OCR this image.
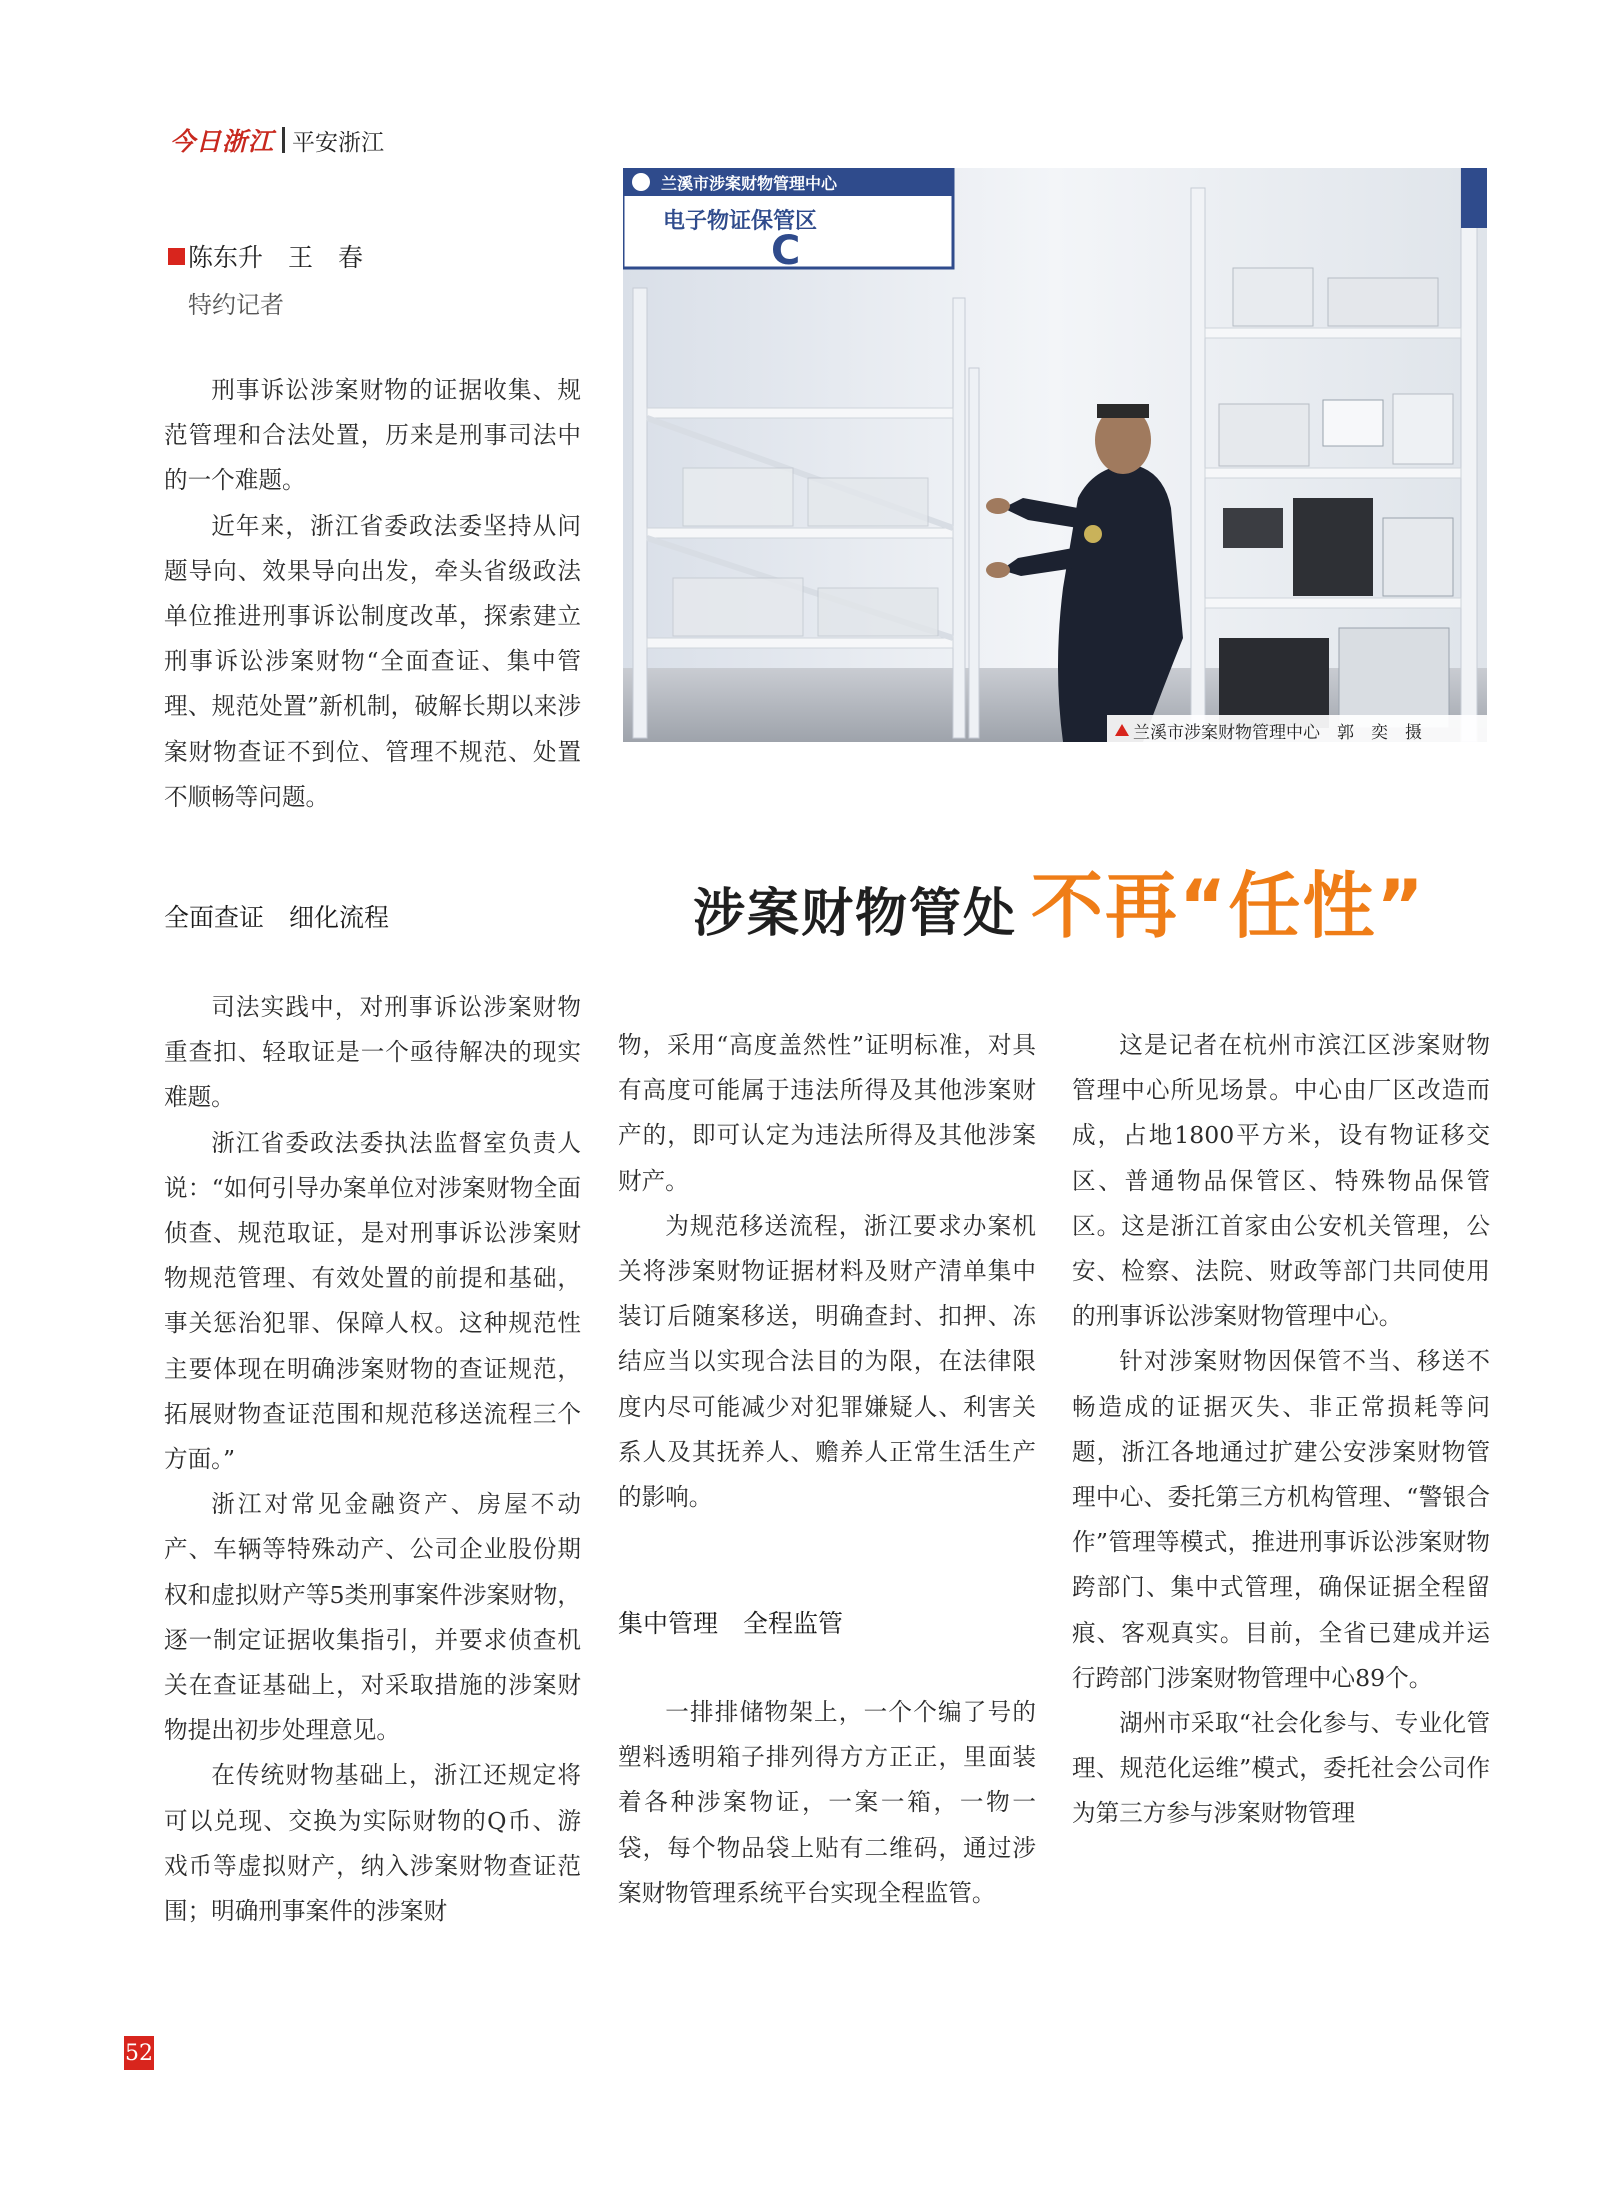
今日浙江 平安浙江
陈东升　王　春
特约记者

刑事诉讼涉案财物的证据收集、规范管理和合法处置，历来是刑事司法中的一个难题。

近年来，浙江省委政法委坚持从问题导向、效果导向出发，牵头省级政法单位推进刑事诉讼制度改革，探索建立刑事诉讼涉案财物“全面查证、集中管理、规范处置”新机制，破解长期以来涉案财物查证不到位、管理不规范、处置不顺畅等问题。

兰溪市涉案财物管理中心
电子物证保管区
C
兰溪市涉案财物管理中心　郭　奕　摄
涉案财物管处 不再“任性”
全面查证　细化流程

司法实践中，对刑事诉讼涉案财物重查扣、轻取证是一个亟待解决的现实难题。

浙江省委政法委执法监督室负责人说：“如何引导办案单位对涉案财物全面侦查、规范取证，是对刑事诉讼涉案财物规范管理、有效处置的前提和基础，事关惩治犯罪、保障人权。这种规范性主要体现在明确涉案财物的查证规范，拓展财物查证范围和规范移送流程三个方面。”

浙江对常见金融资产、房屋不动产、车辆等特殊动产、公司企业股份期权和虚拟财产等5类刑事案件涉案财物，逐一制定证据收集指引，并要求侦查机关在查证基础上，对采取措施的涉案财物提出初步处理意见。

在传统财物基础上，浙江还规定将可以兑现、交换为实际财物的Q币、游戏币等虚拟财产，纳入涉案财物查证范围；明确刑事案件的涉案财

物，采用“高度盖然性”证明标准，对具有高度可能属于违法所得及其他涉案财产的，即可认定为违法所得及其他涉案财产。

为规范移送流程，浙江要求办案机关将涉案财物证据材料及财产清单集中装订后随案移送，明确查封、扣押、冻结应当以实现合法目的为限，在法律限度内尽可能减少对犯罪嫌疑人、利害关系人及其抚养人、赡养人正常生活生产的影响。

集中管理　全程监管

一排排储物架上，一个个编了号的塑料透明箱子排列得方方正正，里面装着各种涉案物证，一案一箱，一物一袋，每个物品袋上贴有二维码，通过涉案财物管理系统平台实现全程监管。

这是记者在杭州市滨江区涉案财物管理中心所见场景。中心由厂区改造而成，占地1800平方米，设有物证移交区、普通物品保管区、特殊物品保管区。这是浙江首家由公安机关管理，公安、检察、法院、财政等部门共同使用的刑事诉讼涉案财物管理中心。

针对涉案财物因保管不当、移送不畅造成的证据灭失、非正常损耗等问题，浙江各地通过扩建公安涉案财物管理中心、委托第三方机构管理、“警银合作”管理等模式，推进刑事诉讼涉案财物跨部门、集中式管理，确保证据全程留痕、客观真实。目前，全省已建成并运行跨部门涉案财物管理中心89个。

湖州市采取“社会化参与、专业化管理、规范化运维”模式，委托社会公司作为第三方参与涉案财物管理

52
